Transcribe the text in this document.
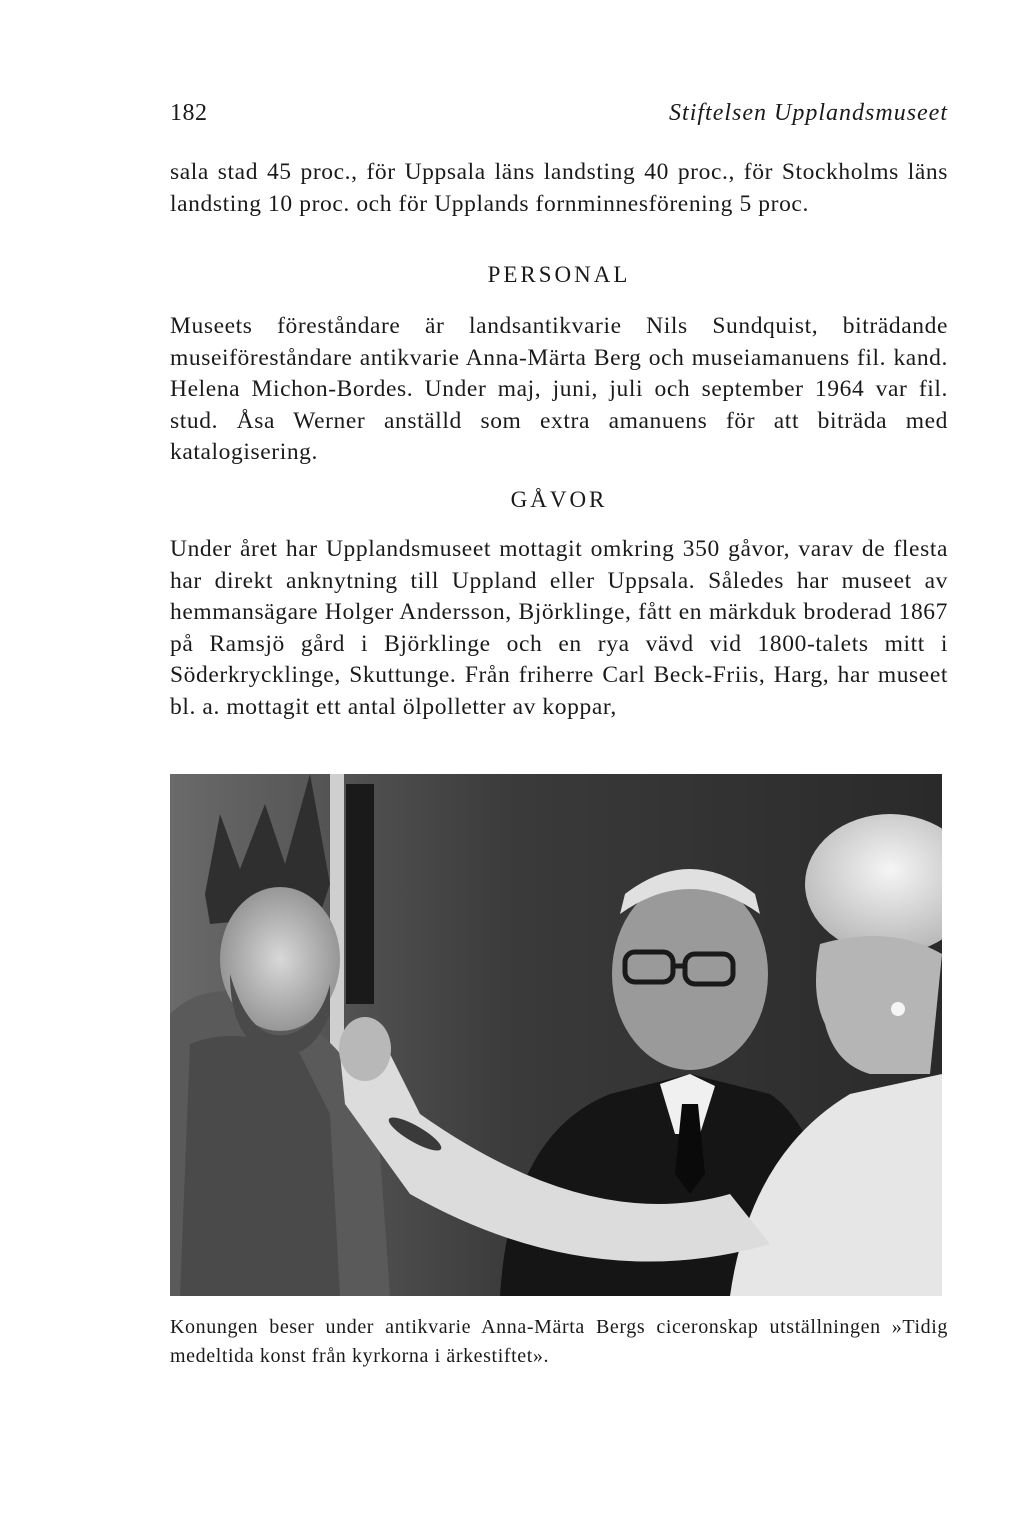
182	Stiftelsen Upplandsmuseet

sala stad 45 proc., för Uppsala läns landsting 40 proc., för Stockholms läns landsting 10 proc. och för Upplands fornminnesförening 5 proc.

PERSONAL

Museets föreståndare är landsantikvarie Nils Sundquist, biträdande museiföreståndare antikvarie Anna-Märta Berg och museiamanuens fil. kand. Helena Michon-Bordes. Under maj, juni, juli och september 1964 var fil. stud. Åsa Werner anställd som extra amanuens för att biträda med katalogisering.

GÅVOR

Under året har Upplandsmuseet mottagit omkring 350 gåvor, varav de flesta har direkt anknytning till Uppland eller Uppsala. Således har museet av hemmansägare Holger Andersson, Björklinge, fått en märkduk broderad 1867 på Ramsjö gård i Björklinge och en rya vävd vid 1800-talets mitt i Söderkrycklinge, Skuttunge. Från friherre Carl Beck-Friis, Harg, har museet bl. a. mottagit ett antal ölpolletter av koppar,

Konungen beser under antikvarie Anna-Märta Bergs ciceronskap utställningen »Tidig medeltida konst från kyrkorna i ärkestiftet».
